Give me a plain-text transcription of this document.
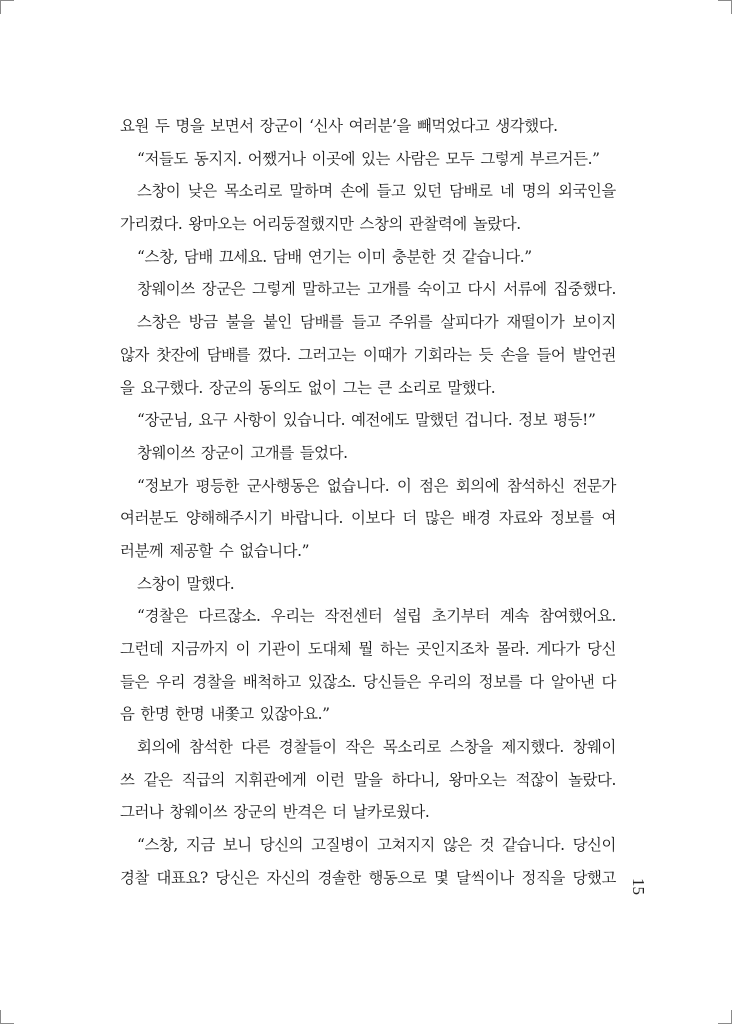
요원 두 명을 보면서 장군이 ‘신사 여러분’을 빼먹었다고 생각했다.
“저들도 동지지. 어쨌거나 이곳에 있는 사람은 모두 그렇게 부르거든.”
스창이 낮은 목소리로 말하며 손에 들고 있던 담배로 네 명의 외국인을
가리켰다. 왕마오는 어리둥절했지만 스창의 관찰력에 놀랐다.
“스창, 담배 끄세요. 담배 연기는 이미 충분한 것 같습니다.”
창웨이쓰 장군은 그렇게 말하고는 고개를 숙이고 다시 서류에 집중했다.
스창은 방금 불을 붙인 담배를 들고 주위를 살피다가 재떨이가 보이지
않자 찻잔에 담배를 껐다. 그러고는 이때가 기회라는 듯 손을 들어 발언권
을 요구했다. 장군의 동의도 없이 그는 큰 소리로 말했다.
“장군님, 요구 사항이 있습니다. 예전에도 말했던 겁니다. 정보 평등!”
창웨이쓰 장군이 고개를 들었다.
“정보가 평등한 군사행동은 없습니다. 이 점은 회의에 참석하신 전문가
여러분도 양해해주시기 바랍니다. 이보다 더 많은 배경 자료와 정보를 여
러분께 제공할 수 없습니다.”
스창이 말했다.
“경찰은 다르잖소. 우리는 작전센터 설립 초기부터 계속 참여했어요.
그런데 지금까지 이 기관이 도대체 뭘 하는 곳인지조차 몰라. 게다가 당신
들은 우리 경찰을 배척하고 있잖소. 당신들은 우리의 정보를 다 알아낸 다
음 한명 한명 내쫓고 있잖아요.”
회의에 참석한 다른 경찰들이 작은 목소리로 스창을 제지했다. 창웨이
쓰 같은 직급의 지휘관에게 이런 말을 하다니, 왕마오는 적잖이 놀랐다.
그러나 창웨이쓰 장군의 반격은 더 날카로웠다.
“스창, 지금 보니 당신의 고질병이 고쳐지지 않은 것 같습니다. 당신이
경찰 대표요? 당신은 자신의 경솔한 행동으로 몇 달씩이나 정직을 당했고 15
